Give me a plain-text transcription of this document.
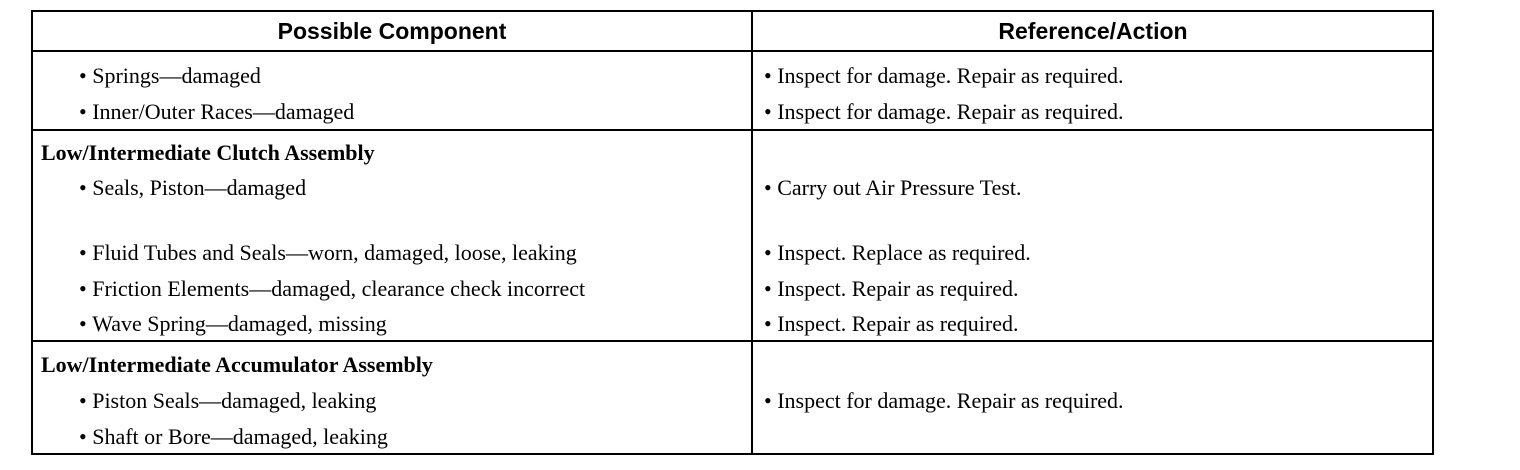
Possible Component	Reference/Action
• Springs—damaged
• Inner/Outer Races—damaged
• Inspect for damage. Repair as required.
• Inspect for damage. Repair as required.
Low/Intermediate Clutch Assembly
• Seals, Piston—damaged
• Fluid Tubes and Seals—worn, damaged, loose, leaking
• Friction Elements—damaged, clearance check incorrect
• Wave Spring—damaged, missing
• Carry out Air Pressure Test.
• Inspect. Replace as required.
• Inspect. Repair as required.
• Inspect. Repair as required.
Low/Intermediate Accumulator Assembly
• Piston Seals—damaged, leaking
• Shaft or Bore—damaged, leaking
• Inspect for damage. Repair as required.
